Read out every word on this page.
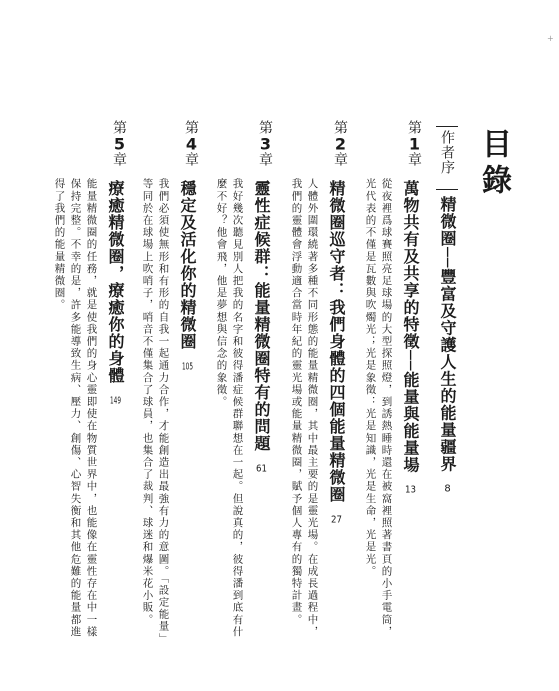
+
目錄
作者序
精微圈──豐富及守護人生的能量疆界8
第1章
萬物共有及共享的特徵──能量與能量場13
從夜裡爲球賽照亮足球場的大型探照燈，到誘熱睡時還在被窩裡照著書頁的小手電筒，
光代表的不僅是瓦數與吹燭光；光是象徵：光是知識，光是生命，光是光。
第2章
精微圈巡守者：我們身體的四個能量精微圈27
人體外圍環繞著多種不同形態的能量精微圈，其中最主要的是靈光場。在成長過程中，
我們的靈體會浮動適合當時年紀的靈光場或能量精微圈，賦予個人專有的獨特計畫。
第3章
靈性症候群：能量精微圈特有的問題61
我好幾次聽見別人把我的名字和彼得潘症候群聯想在一起。但說真的，彼得潘到底有什
麼不好？他會飛，他是夢想與信念的象徵。
第4章
穩定及活化你的精微圈105
我們必須使無形和有形的自我一起通力合作，才能創造出最強有力的意圖。「設定能量」
等同於在球場上吹哨子，哨音不僅集合了球員，也集合了裁判、球迷和爆米花小販。
第5章
療癒精微圈，療癒你的身體149
能量精微圈的任務，就是使我們的身心靈即使在物質世界中，也能像在靈性存在中一樣
保持完整。不幸的是，許多能導致生病、壓力、創傷、心智失衡和其他危難的能量都進
得了我們的能量精微圈。
